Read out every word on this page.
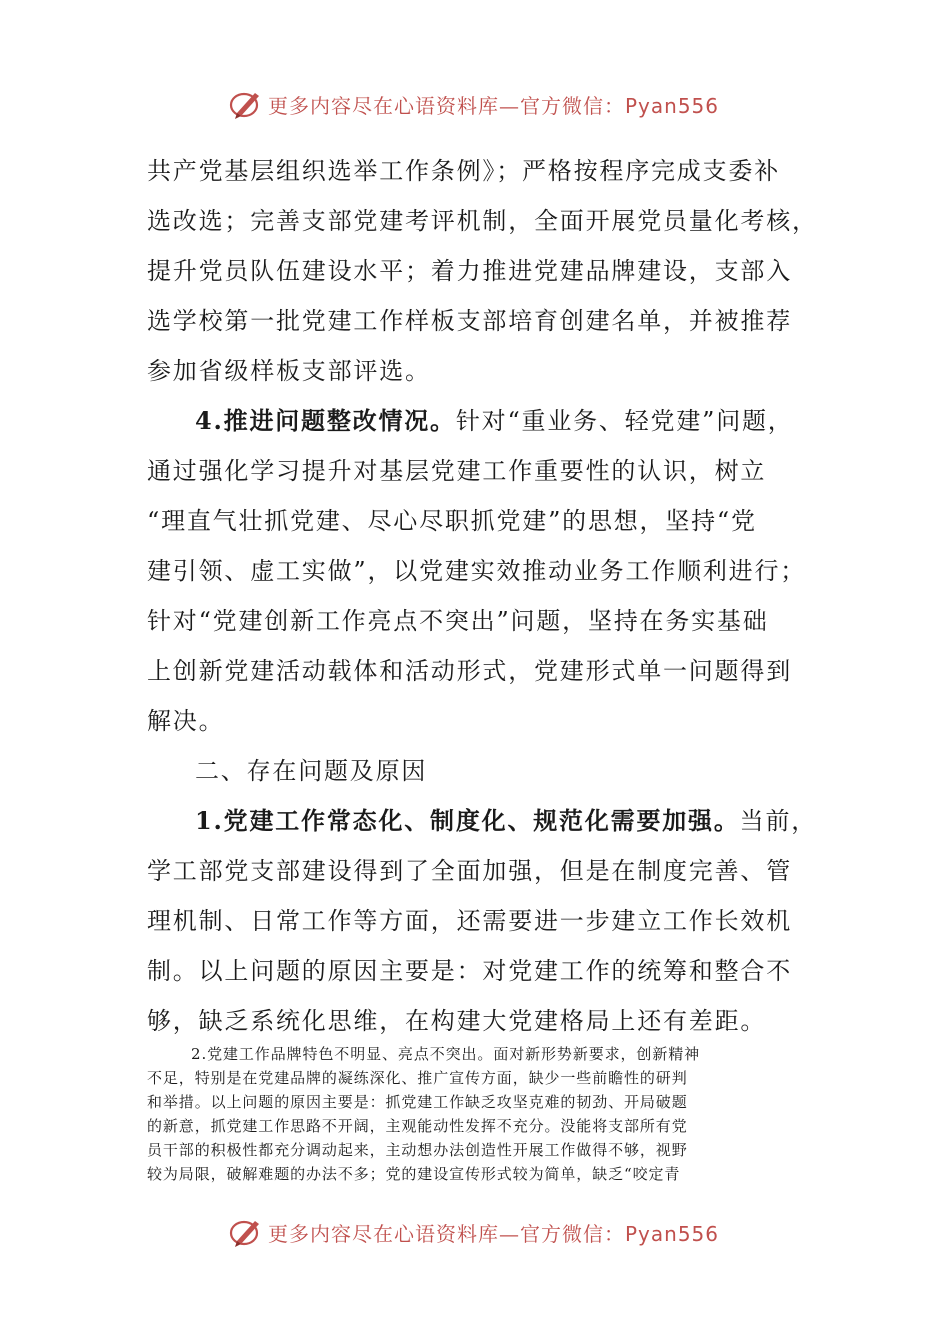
更多内容尽在心语资料库—官方微信：Pyan556
共产党基层组织选举工作条例》；严格按程序完成支委补
选改选；完善支部党建考评机制，全面开展党员量化考核，
提升党员队伍建设水平；着力推进党建品牌建设，支部入
选学校第一批党建工作样板支部培育创建名单，并被推荐
参加省级样板支部评选。
4.推进问题整改情况。针对“重业务、轻党建”问题，
通过强化学习提升对基层党建工作重要性的认识，树立
“理直气壮抓党建、尽心尽职抓党建”的思想，坚持“党
建引领、虚工实做”，以党建实效推动业务工作顺利进行；
针对“党建创新工作亮点不突出”问题，坚持在务实基础
上创新党建活动载体和活动形式，党建形式单一问题得到
解决。
二、存在问题及原因
1.党建工作常态化、制度化、规范化需要加强。当前，
学工部党支部建设得到了全面加强，但是在制度完善、管
理机制、日常工作等方面，还需要进一步建立工作长效机
制。以上问题的原因主要是：对党建工作的统筹和整合不
够，缺乏系统化思维，在构建大党建格局上还有差距。
2.党建工作品牌特色不明显、亮点不突出。面对新形势新要求，创新精神
不足，特别是在党建品牌的凝练深化、推广宣传方面，缺少一些前瞻性的研判
和举措。以上问题的原因主要是：抓党建工作缺乏攻坚克难的韧劲、开局破题
的新意，抓党建工作思路不开阔，主观能动性发挥不充分。没能将支部所有党
员干部的积极性都充分调动起来，主动想办法创造性开展工作做得不够，视野
较为局限，破解难题的办法不多；党的建设宣传形式较为简单，缺乏“咬定青
更多内容尽在心语资料库—官方微信：Pyan556
